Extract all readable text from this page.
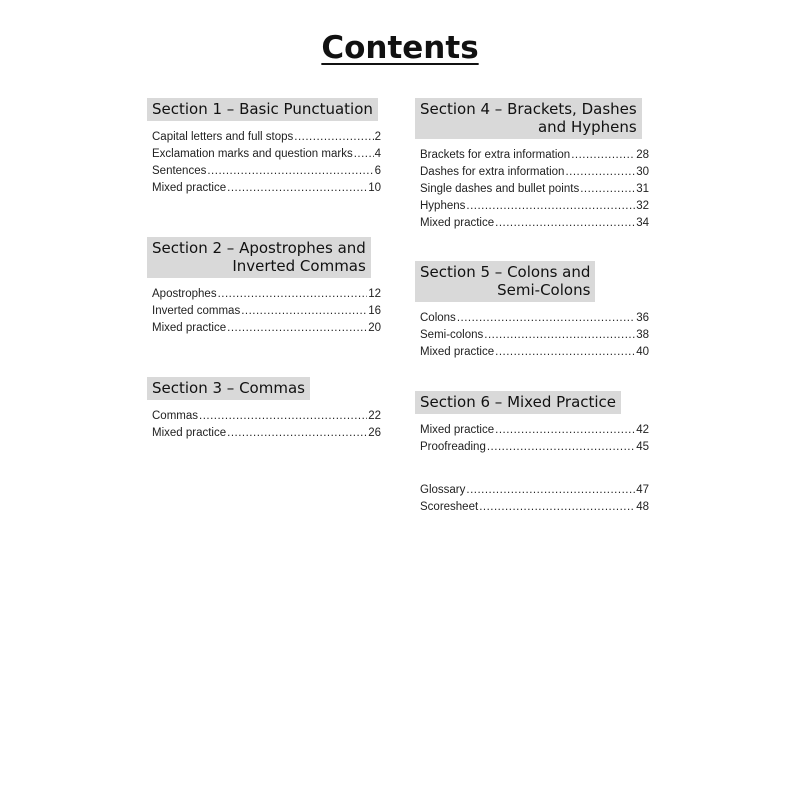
Contents
Section 1 – Basic Punctuation
Capital letters and full stops .....	2
Exclamation marks and question marks ..... 4
Sentences .....	6
Mixed practice .....	10
Section 2 – Apostrophes and
Inverted Commas
Apostrophes .....	12
Inverted commas .....	16
Mixed practice .....	20
Section 3 – Commas
Commas .....	22
Mixed practice .....	26
Section 4 – Brackets, Dashes
and Hyphens
Brackets for extra information .....	28
Dashes for extra information .....	30
Single dashes and bullet points .....	31
Hyphens .....	32
Mixed practice .....	34
Section 5 – Colons and
Semi-Colons
Colons .....	36
Semi-colons .....	38
Mixed practice .....	40
Section 6 – Mixed Practice
Mixed practice .....	42
Proofreading .....	45
Glossary .....	47
Scoresheet .....	48
